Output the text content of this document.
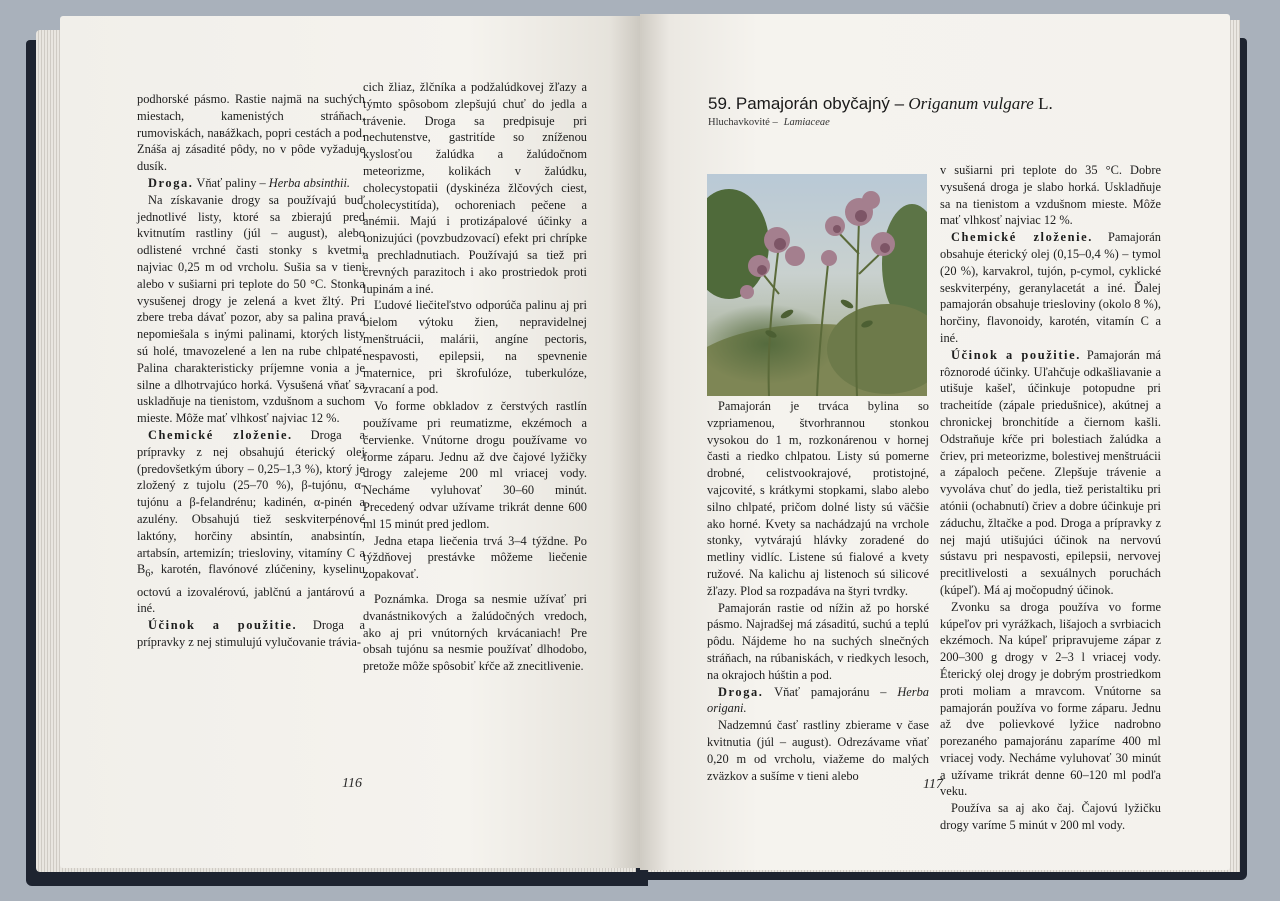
podhorské pásmo. Rastie najmä na suchých miestach, kamenistých stráňach, rumoviskách, nавážkach, popri cestách a pod. Znáša aj zásadité pôdy, no v pôde vyžaduje dusík.

Droga. Vňať paliny – Herba absinthii.

Na získavanie drogy sa používajú buď jednotlivé listy, ktoré sa zbierajú pred kvitnutím rastliny (júl – august), alebo odlistené vrchné časti stonky s kvetmi, najviac 0,25 m od vrcholu. Sušia sa v tieni alebo v sušiarni pri teplote do 50 °C. Stonka vysušenej drogy je zelená a kvet žltý. Pri zbere treba dávať pozor, aby sa palina pravá nepomiešala s inými palinami, ktorých listy sú holé, tmavozelené a len na rube chlpaté. Palina charakteristicky príjemne vonia a je silne a dlhotrvajúco horká. Vysušená vňať sa uskladňuje na tienistom, vzdušnom a suchom mieste. Môže mať vlhkosť najviac 12 %.

Chemické zloženie. Droga a prípravky z nej obsahujú éterický olej (predovšetkým úbory – 0,25–1,3 %), ktorý je zložený z tujolu (25–70 %), β-tujónu, α-tujónu a β-felandrénu; kadinén, α-pinén a azulény. Obsahujú tiež seskviterpénové laktóny, horčiny absintín, anabsintín, artabsín, artemizín; triesloviny, vitamíny C a $B_6$, karotén, flavónové zlúčeniny, kyselinu octovú a izovalérovú, jablčnú a jantárovú a iné.

Účinok a použitie. Droga a prípravky z nej stimulujú vylučovanie tráviа-

cich žliaz, žlčníka a podžalúdkovej žľazy a týmto spôsobom zlepšujú chuť do jedla a trávenie. Droga sa predpisuje pri nechutenstve, gastritíde so zníženou kyslosťou žalúdka a žalúdočnom meteorizme, kolikách v žalúdku, cholecystopatii (dyskinéza žlčových ciest, cholecystitída), ochoreniach pečene a anémii. Majú i protizápalové účinky a tonizujúci (povzbudzovací) efekt pri chrípke a prechladnutiach. Používajú sa tiež pri črevných parazitoch i ako prostriedok proti lupinám a iné.

Ľudové liečiteľstvo odporúča palinu aj pri bielom výtoku žien, nepravidelnej menštruácii, malárii, angíne pectoris, nespavosti, epilepsii, na spevnenie maternice, pri škrofulóze, tuberkulóze, zvracaní a pod.

Vo forme obkladov z čerstvých rastlín používame pri reumatizme, ekzémoch a červienke. Vnútorne drogu používame vo forme záparu. Jednu až dve čajové lyžičky drogy zalejeme 200 ml vriacej vody. Necháme vyluhovať 30–60 minút. Precedený odvar užívame trikrát denne 600 ml 15 minút pred jedlom.

Jedna etapa liečenia trvá 3–4 týždne. Po týždňovej prestávke môžeme liečenie zopakovať.

Poznámka. Droga sa nesmie užívať pri dvanástnikových a žalúdočných vredoch, ako aj pri vnútorných krvácaniach! Pre obsah tujónu sa nesmie používať dlhodobo, pretože môže spôsobiť kŕče až znecitlivenie.

116
59. Pamajorán obyčajný – Origanum vulgare L.
Hluchavkovité – Lamiaceae

Pamajorán je trváca bylina so vzpriamenou, štvorhrannou stonkou vysokou do 1 m, rozkonárenou v hornej časti a riedko chlpatou. Listy sú pomerne drobné, celistvookrajové, protistojné, vajcovité, s krátkymi stopkami, slabo alebo silno chlpaté, pričom dolné listy sú väčšie ako horné. Kvety sa nachádzajú na vrchole stonky, vytvárajú hlávky zoradené do metliny vidlíc. Listene sú fialové a kvety ružové. Na kalichu aj listenoch sú silicové žľazy. Plod sa rozpadáva na štyri tvrdky.

Pamajorán rastie od nížin až po horské pásmo. Najradšej má zásaditú, suchú a teplú pôdu. Nájdeme ho na suchých slnečných stráňach, na rúbaniskách, v riedkych lesoch, na okrajoch húštin a pod.

Droga. Vňať pamajoránu – Herba origani.

Nadzemnú časť rastliny zbierame v čase kvitnutia (júl – august). Odrezávame vňať 0,20 m od vrcholu, viažeme do malých zväzkov a sušíme v tieni alebo

v sušiarni pri teplote do 35 °C. Dobre vysušená droga je slabo horká. Uskladňuje sa na tienistom a vzdušnom mieste. Môže mať vlhkosť najviac 12 %.

Chemické zloženie. Pamajorán obsahuje éterický olej (0,15–0,4 %) – tymol (20 %), karvakrol, tujón, p-cymol, cyklické seskviterpény, geranylacetát a iné. Ďalej pamajorán obsahuje triesloviny (okolo 8 %), horčiny, flavonoidy, karotén, vitamín C a iné.

Účinok a použitie. Pamajorán má rôznorodé účinky. Uľahčuje odkašliavanie a utišuje kašeľ, účinkuje potopudne pri tracheitíde (zápale priedušnice), akútnej a chronickej bronchitíde a čiernom kašli. Odstraňuje kŕče pri bolestiach žalúdka a čriev, pri meteorizme, bolestivej menštruácii a zápaloch pečene. Zlepšuje trávenie a vyvoláva chuť do jedla, tiež peristaltiku pri atónii (ochabnutí) čriev a dobre účinkuje pri záduchu, žltačke a pod. Droga a prípravky z nej majú utišujúci účinok na nervovú sústavu pri nespavosti, epilepsii, nervovej precitlivelosti a sexuálnych poruchách (kúpeľ). Má aj močopudný účinok.

Zvonku sa droga používa vo forme kúpeľov pri vyrážkach, lišajoch a svrbiacich ekzémoch. Na kúpeľ pripravujeme zápar z 200–300 g drogy v 2–3 l vriacej vody. Éterický olej drogy je dobrým prostriedkom proti moliam a mravcom. Vnútorne sa pamajorán používa vo forme záparu. Jednu až dve polievkové lyžice nadrobno porezaného pamajoránu zaparíme 400 ml vriacej vody. Necháme vyluhovať 30 minút a užívame trikrát denne 60–120 ml podľa veku.

Používa sa aj ako čaj. Čajovú lyžičku drogy varíme 5 minút v 200 ml vody.

117
